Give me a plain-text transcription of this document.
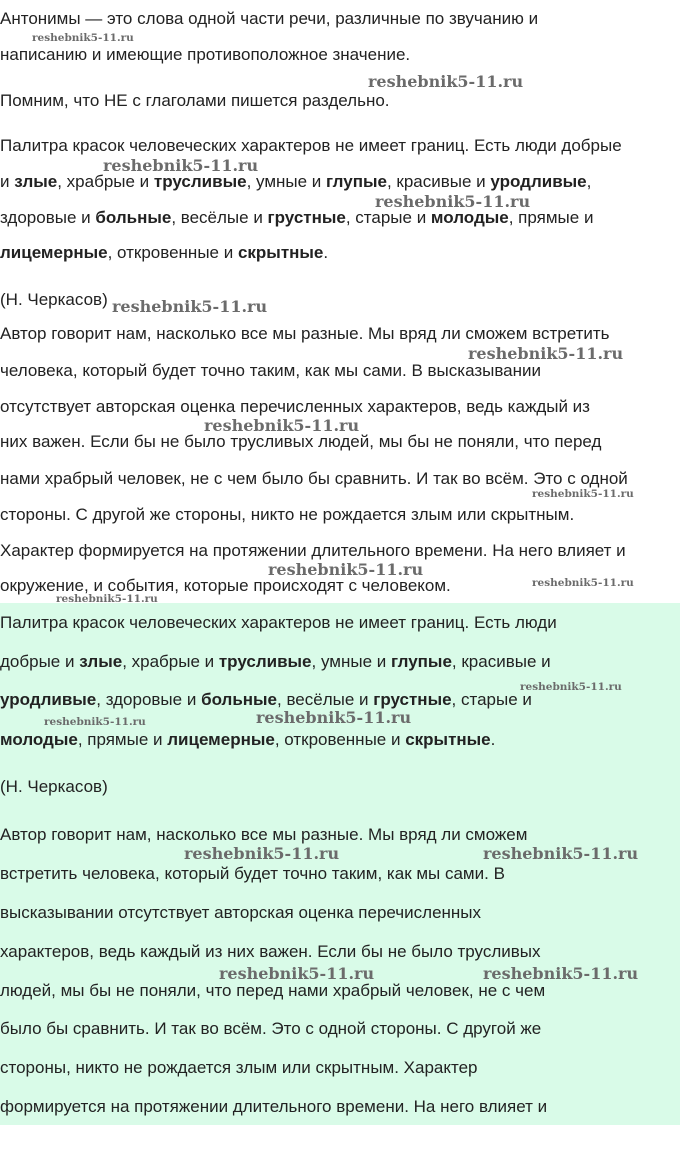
Антонимы — это слова одной части речи, различные по звучанию и

написанию и имеющие противоположное значение.

Помним, что НЕ с глаголами пишется раздельно.

Палитра красок человеческих характеров не имеет границ. Есть люди добрые

и злые, храбрые и трусливые, умные и глупые, красивые и уродливые,

здоровые и больные, весёлые и грустные, старые и молодые, прямые и

лицемерные, откровенные и скрытные.

(Н. Черкасов)

Автор говорит нам, насколько все мы разные. Мы вряд ли сможем встретить

человека, который будет точно таким, как мы сами. В высказывании

отсутствует авторская оценка перечисленных характеров, ведь каждый из

них важен. Если бы не было трусливых людей, мы бы не поняли, что перед

нами храбрый человек, не с чем было бы сравнить. И так во всём. Это с одной

стороны. С другой же стороны, никто не рождается злым или скрытным.

Характер формируется на протяжении длительного времени. На него влияет и

окружение, и события, которые происходят с человеком.

Палитра красок человеческих характеров не имеет границ. Есть люди

добрые и злые, храбрые и трусливые, умные и глупые, красивые и

уродливые, здоровые и больные, весёлые и грустные, старые и

молодые, прямые и лицемерные, откровенные и скрытные.

(Н. Черкасов)

Автор говорит нам, насколько все мы разные. Мы вряд ли сможем

встретить человека, который будет точно таким, как мы сами. В

высказывании отсутствует авторская оценка перечисленных

характеров, ведь каждый из них важен. Если бы не было трусливых

людей, мы бы не поняли, что перед нами храбрый человек, не с чем

было бы сравнить. И так во всём. Это с одной стороны. С другой же

стороны, никто не рождается злым или скрытным. Характер

формируется на протяжении длительного времени. На него влияет и

reshebnik5-11.ru
reshebnik5-11.ru
reshebnik5-11.ru
reshebnik5-11.ru
reshebnik5-11.ru
reshebnik5-11.ru
reshebnik5-11.ru
reshebnik5-11.ru
reshebnik5-11.ru
reshebnik5-11.ru
reshebnik5-11.ru
reshebnik5-11.ru
reshebnik5-11.ru	reshebnik5-11.ru
reshebnik5-11.ru	reshebnik5-11.ru
reshebnik5-11.ru	reshebnik5-11.ru
